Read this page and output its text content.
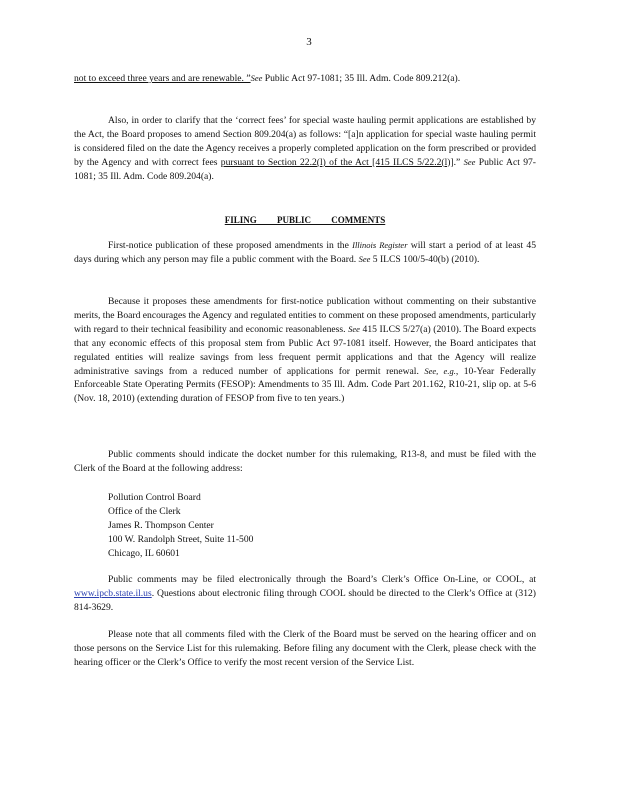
3

not to exceed three years and are renewable. ”See Public Act 97-1081; 35 Ill. Adm. Code 809.212(a).

Also, in order to clarify that the ‘correct fees’ for special waste hauling permit applications are established by the Act, the Board proposes to amend Section 809.204(a) as follows: “[a]n application for special waste hauling permit is considered filed on the date the Agency receives a properly completed application on the form prescribed or provided by the Agency and with correct fees pursuant to Section 22.2(l) of the Act [415 ILCS 5/22.2(l)].” See Public Act 97-1081; 35 Ill. Adm. Code 809.204(a).

FILING PUBLIC COMMENTS

First-notice publication of these proposed amendments in the Illinois Register will start a period of at least 45 days during which any person may file a public comment with the Board. See 5 ILCS 100/5-40(b) (2010).

Because it proposes these amendments for first-notice publication without commenting on their substantive merits, the Board encourages the Agency and regulated entities to comment on these proposed amendments, particularly with regard to their technical feasibility and economic reasonableness. See 415 ILCS 5/27(a) (2010). The Board expects that any economic effects of this proposal stem from Public Act 97-1081 itself. However, the Board anticipates that regulated entities will realize savings from less frequent permit applications and that the Agency will realize administrative savings from a reduced number of applications for permit renewal. See, e.g., 10-Year Federally Enforceable State Operating Permits (FESOP): Amendments to 35 Ill. Adm. Code Part 201.162, R10-21, slip op. at 5-6 (Nov. 18, 2010) (extending duration of FESOP from five to ten years.)

Public comments should indicate the docket number for this rulemaking, R13-8, and must be filed with the Clerk of the Board at the following address:

Pollution Control Board
Office of the Clerk
James R. Thompson Center
100 W. Randolph Street, Suite 11-500
Chicago, IL 60601

Public comments may be filed electronically through the Board’s Clerk’s Office On-Line, or COOL, at www.ipcb.state.il.us. Questions about electronic filing through COOL should be directed to the Clerk’s Office at (312) 814-3629.

Please note that all comments filed with the Clerk of the Board must be served on the hearing officer and on those persons on the Service List for this rulemaking. Before filing any document with the Clerk, please check with the hearing officer or the Clerk’s Office to verify the most recent version of the Service List.
